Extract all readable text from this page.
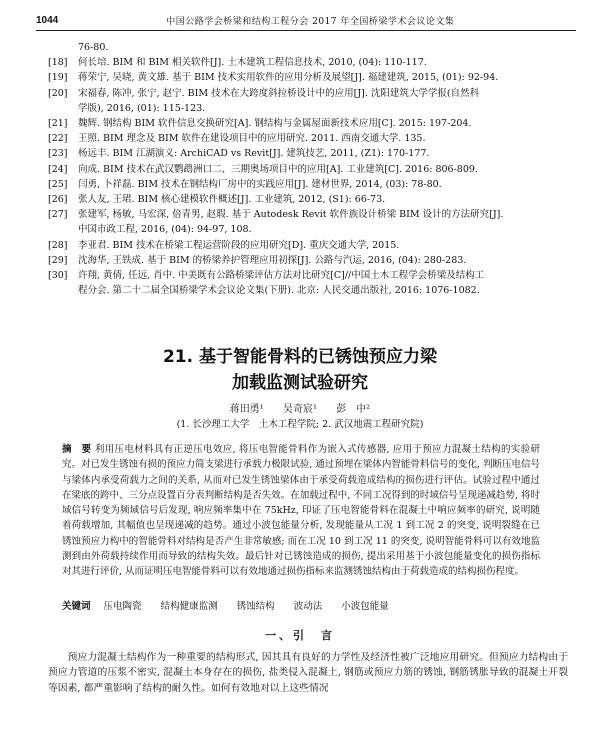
1044	中国公路学会桥梁和结构工程分会 2017 年全国桥梁学术会议论文集
76-80.
[18]	何长培. BIM 和 BIM 相关软件[J]. 土木建筑工程信息技术, 2010, (04): 110-117.
[19]	蒋荣宁, 吴晓, 黄文雄. 基于 BIM 技术实用软件的应用分析及展望[J]. 福建建筑, 2015, (01): 92-94.
[20]	宋福春, 陈冲, 张宁, 赵宁. BIM 技术在大跨度斜拉桥设计中的应用[J]. 沈阳建筑大学学报(自然科
学版), 2016, (01): 115-123.
[21]	魏辉. 钢结构 BIM 软件信息交换研究[A]. 钢结构与金属屋面新技术应用[C]. 2015: 197-204.
[22]	王照. BIM 理念及 BIM 软件在建设项目中的应用研究. 2011. 西南交通大学. 135.
[23]	杨远丰. BIM 江湖演义: ArchiCAD vs Revit[J]. 建筑技艺, 2011, (Z1): 170-177.
[24]	向成. BIM 技术在武汉鹦鹉洲口二、三期奥场项目中的应用[A]. 工业建筑[C]. 2016: 806-809.
[25]	闫勇, 卜祥磊. BIM 技术在钢结构厂房中的实践应用[J]. 建材世界, 2014, (03): 78-80.
[26]	张人友, 王珺. BIM 核心建模软件概述[J]. 工业建筑, 2012, (S1): 66-73.
[27]	张建军, 杨敏, 马宏深, 倍青男, 赵瑕. 基于 Autodesk Revit 软件族设计桥梁 BIM 设计的方法研究[J].
中国市政工程, 2016, (04): 94-97, 108.
[28]	李亚君. BIM 技术在桥梁工程运营阶段的应用研究[D]. 重庆交通大学, 2015.
[29]	沈海华, 王铁成. 基于 BIM 的桥梁养护管理应用初探[J]. 公路与汽运, 2016, (04): 280-283.
[30]	许翔, 黄倩, 任远, 肖中. 中美既有公路桥梁评估方法对比研究[C]//中国土木工程学会桥梁及结构工
程分会. 第二十二届全国桥梁学术会议论文集(下册). 北京: 人民交通出版社, 2016: 1076-1082.
21. 基于智能骨料的已锈蚀预应力梁
加载监测试验研究
蒋田勇¹ 吴奇宸¹ 彭　中²
(1. 长沙理工大学　土木工程学院; 2. 武汉地震工程研究院)
摘　要 利用压电材料具有正逆压电效应, 将压电智能骨料作为嵌入式传感器, 应用于预应力混凝土结构的实验研究。对已发生锈蚀有损的预应力简支梁进行承载力极限试验, 通过预埋在梁体内智能骨料信号的变化, 判断压电信号与梁体内承受荷载力之间的关系, 从而对已发生锈蚀梁体由于承受荷载造成结构的损伤进行评估。试验过程中通过在梁底的跨中、三分点设置百分表判断结构是否失效。在加载过程中, 不同工况得到的时域信号呈现递减趋势, 将时域信号转变为频域信号后发现, 响应频率集中在 75kHz, 印证了压电智能骨料在混凝土中响应频率的研究, 说明随着荷载增加, 其幅值也呈现递减的趋势。通过小波包能量分析, 发现能量从工况 1 到工况 2 的突变, 说明裂缝在已锈蚀预应力构中的智能骨料对结构是否产生非常敏感; 而在工况 10 到工况 11 的突变, 说明智能骨料可以有效地监测到由外荷载持续作用而导致的结构失效。最后针对已锈蚀造成的损伤, 提出采用基于小波包能量变化的损伤指标对其进行评价, 从而证明压电智能骨料可以有效地通过损伤指标来监测锈蚀结构由于荷载造成的结构损伤程度。
关键词 压电陶瓷 结构健康监测 锈蚀结构 波动法 小波包能量
一、引　言
预应力混凝土结构作为一种重要的结构形式, 因其具有良好的力学性及经济性被广泛地应用研究。但预应力结构由于预应力管道的压浆不密实, 混凝土本身存在的损伤, 盐类侵入混凝土, 钢筋或预应力筋的锈蚀, 钢筋锈胀导致的混凝土开裂等因素, 都严重影响了结构的耐久性。如何有效地对以上这些情况
